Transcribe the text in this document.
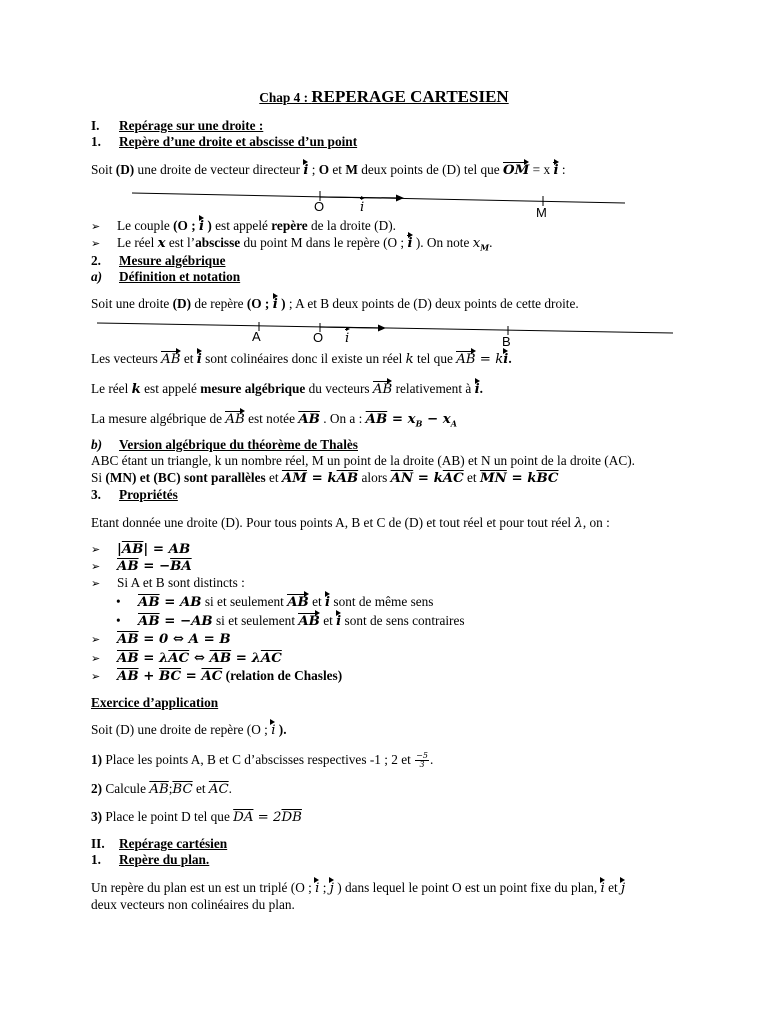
Chap 4 : REPERAGE CARTESIEN
I. Repérage sur une droite :
1. Repère d’une droite et abscisse d’un point
Soit (D) une droite de vecteur directeur i ; O et M deux points de (D) tel que OM = x i :
O	i	M
➢ Le couple (O ; i ) est appelé repère de la droite (D).
➢ Le réel x est l’abscisse du point M dans le repère (O ; i ). On note $x_M$.
2. Mesure algébrique
a) Définition et notation
Soit une droite (D) de repère (O ; i ) ; A et B deux points de (D) deux points de cette droite.
A	O i	B
Les vecteurs AB et i sont colinéaires donc il existe un réel k tel que AB = ki.
Le réel k est appelé mesure algébrique du vecteurs AB relativement à i.
La mesure algébrique de AB est notée $\overline{AB}$ . On a : $\overline{AB} = x_B - x_A$
b) Version algébrique du théorème de Thalès
ABC étant un triangle, k un nombre réel, M un point de la droite (AB) et N un point de la droite (AC).
Si (MN) et (BC) sont parallèles et $\overline{AM} = k\overline{AB}$ alors $\overline{AN} = k\overline{AC}$ et $\overline{MN} = k\overline{BC}$
3. Propriétés
Etant donnée une droite (D). Pour tous points A, B et C de (D) et tout réel et pour tout réel λ, on :
➢ $|\overline{AB}|$ = AB
➢ $\overline{AB} = -\overline{BA}$
➢ Si A et B sont distincts :
• $\overline{AB}$ = AB si et seulement AB et i sont de même sens
• $\overline{AB} = -AB$ si et seulement AB et i sont de sens contraires
➢ $\overline{AB} = 0$ ⇔ A = B
➢ $\overline{AB} = \lambda\overline{AC}$ ⇔ $\overline{AB} = \lambda\overline{AC}$
➢ $\overline{AB} + \overline{BC} = \overline{AC}$ (relation de Chasles)
Exercice d’application
Soit (D) une droite de repère (O ; i ).
1) Place les points A, B et C d’abscisses respectives -1 ; 2 et $\frac{-5}{3}$ .
2) Calcule $\overline{AB};\overline{BC}$ et $\overline{AC}$.
3) Place le point D tel que $\overline{DA} = 2\overline{DB}$
II. Repérage cartésien
1. Repère du plan.
Un repère du plan est un est un triplé (O ; i ; j ) dans lequel le point O est un point fixe du plan, i et j
deux vecteurs non colinéaires du plan.
